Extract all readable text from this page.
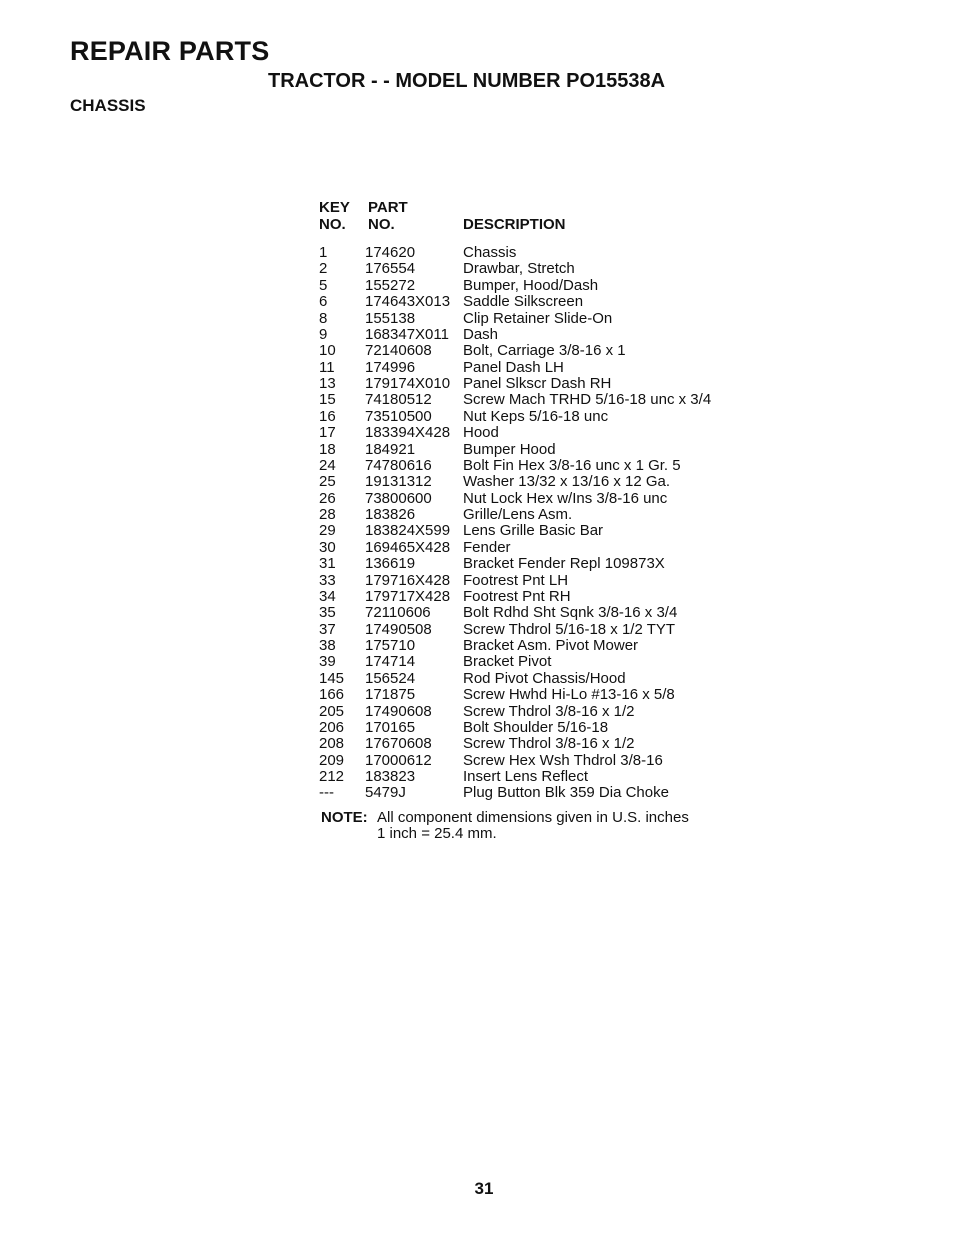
REPAIR PARTS
TRACTOR - - MODEL NUMBER PO15538A
CHASSIS
KEY
NO.
PART
NO.	DESCRIPTION
1	174620	Chassis
2	176554	Drawbar, Stretch
5	155272	Bumper, Hood/Dash
6	174643X013 Saddle Silkscreen
8	155138	Clip Retainer Slide-On
9	168347X011 Dash
10 72140608 Bolt, Carriage 3/8-16 x 1
11 174996	Panel Dash LH
13 179174X010 Panel Slkscr Dash RH
15 74180512 Screw Mach TRHD 5/16-18 unc x 3/4
16 73510500 Nut Keps 5/16-18 unc
17 183394X428 Hood
18 184921	Bumper Hood
24 74780616 Bolt Fin Hex 3/8-16 unc x 1 Gr. 5
25 19131312 Washer 13/32 x 13/16 x 12 Ga.
26 73800600 Nut Lock Hex w/Ins 3/8-16 unc
28 183826	Grille/Lens Asm.
29 183824X599 Lens Grille Basic Bar
30 169465X428 Fender
31 136619	Bracket Fender Repl 109873X
33 179716X428 Footrest Pnt LH
34 179717X428 Footrest Pnt RH
35 72110606 Bolt Rdhd Sht Sqnk 3/8-16 x 3/4
37 17490508 Screw Thdrol 5/16-18 x 1/2 TYT
38 175710	Bracket Asm. Pivot Mower
39 174714	Bracket Pivot
145 156524	Rod Pivot Chassis/Hood
166 171875	Screw Hwhd Hi-Lo #13-16 x 5/8
205 17490608 Screw Thdrol 3/8-16 x 1/2
206 170165	Bolt Shoulder 5/16-18
208 17670608 Screw Thdrol 3/8-16 x 1/2
209 17000612 Screw Hex Wsh Thdrol 3/8-16
212 183823	Insert Lens Reflect
--- 5479J	Plug Button Blk 359 Dia Choke
NOTE: All component dimensions given in U.S. inches
1 inch = 25.4 mm.
31
